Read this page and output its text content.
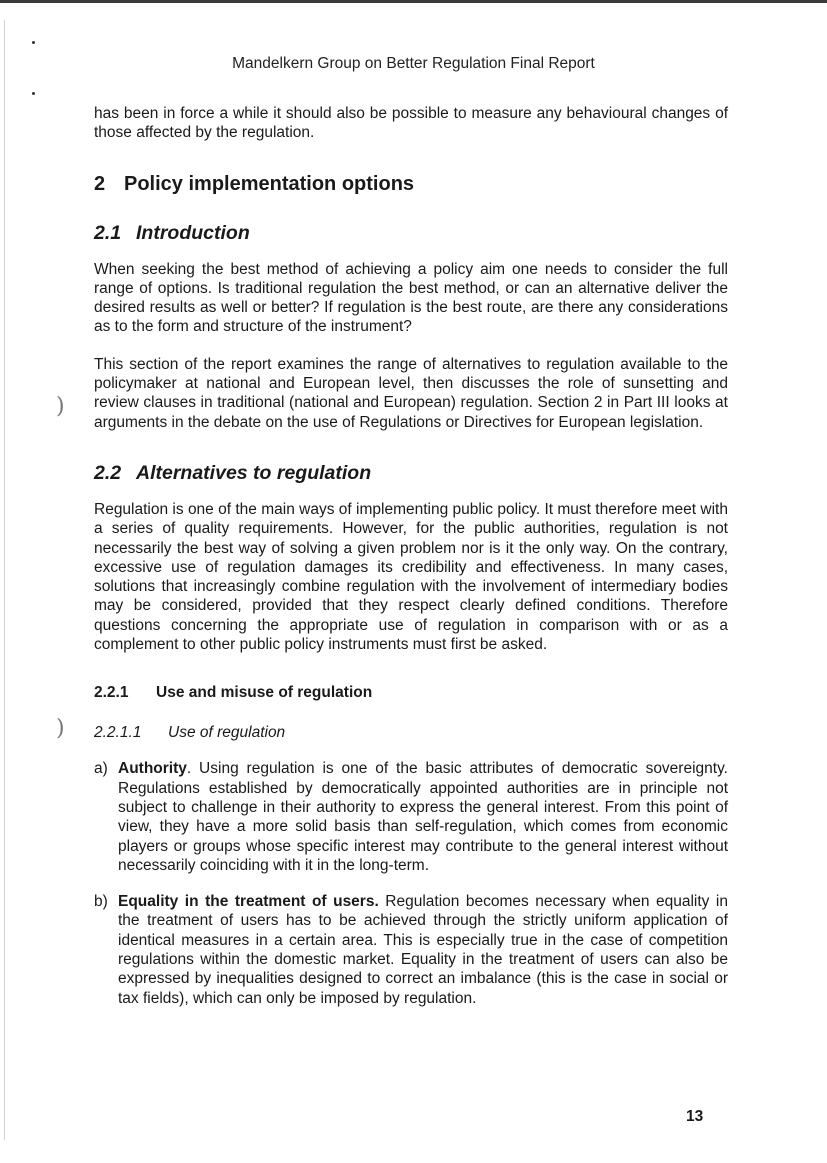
)
)
Mandelkern Group on Better Regulation Final Report

has been in force a while it should also be possible to measure any behavioural changes of those affected by the regulation.

2 Policy implementation options
2.1 Introduction

When seeking the best method of achieving a policy aim one needs to consider the full range of options. Is traditional regulation the best method, or can an alternative deliver the desired results as well or better? If regulation is the best route, are there any considerations as to the form and structure of the instrument?

This section of the report examines the range of alternatives to regulation available to the policymaker at national and European level, then discusses the role of sunsetting and review clauses in traditional (national and European) regulation. Section 2 in Part III looks at arguments in the debate on the use of Regulations or Directives for European legislation.

2.2 Alternatives to regulation

Regulation is one of the main ways of implementing public policy. It must therefore meet with a series of quality requirements. However, for the public authorities, regulation is not necessarily the best way of solving a given problem nor is it the only way. On the contrary, excessive use of regulation damages its credibility and effectiveness. In many cases, solutions that increasingly combine regulation with the involvement of intermediary bodies may be considered, provided that they respect clearly defined conditions. Therefore questions concerning the appropriate use of regulation in comparison with or as a complement to other public policy instruments must first be asked.

2.2.1 Use and misuse of regulation
2.2.1.1 Use of regulation
a) Authority. Using regulation is one of the basic attributes of democratic sovereignty. Regulations established by democratically appointed authorities are in principle not subject to challenge in their authority to express the general interest. From this point of view, they have a more solid basis than self-regulation, which comes from economic players or groups whose specific interest may contribute to the general interest without necessarily coinciding with it in the long-term.

b) Equality in the treatment of users. Regulation becomes necessary when equality in the treatment of users has to be achieved through the strictly uniform application of identical measures in a certain area. This is especially true in the case of competition regulations within the domestic market. Equality in the treatment of users can also be expressed by inequalities designed to correct an imbalance (this is the case in social or tax fields), which can only be imposed by regulation.

13
